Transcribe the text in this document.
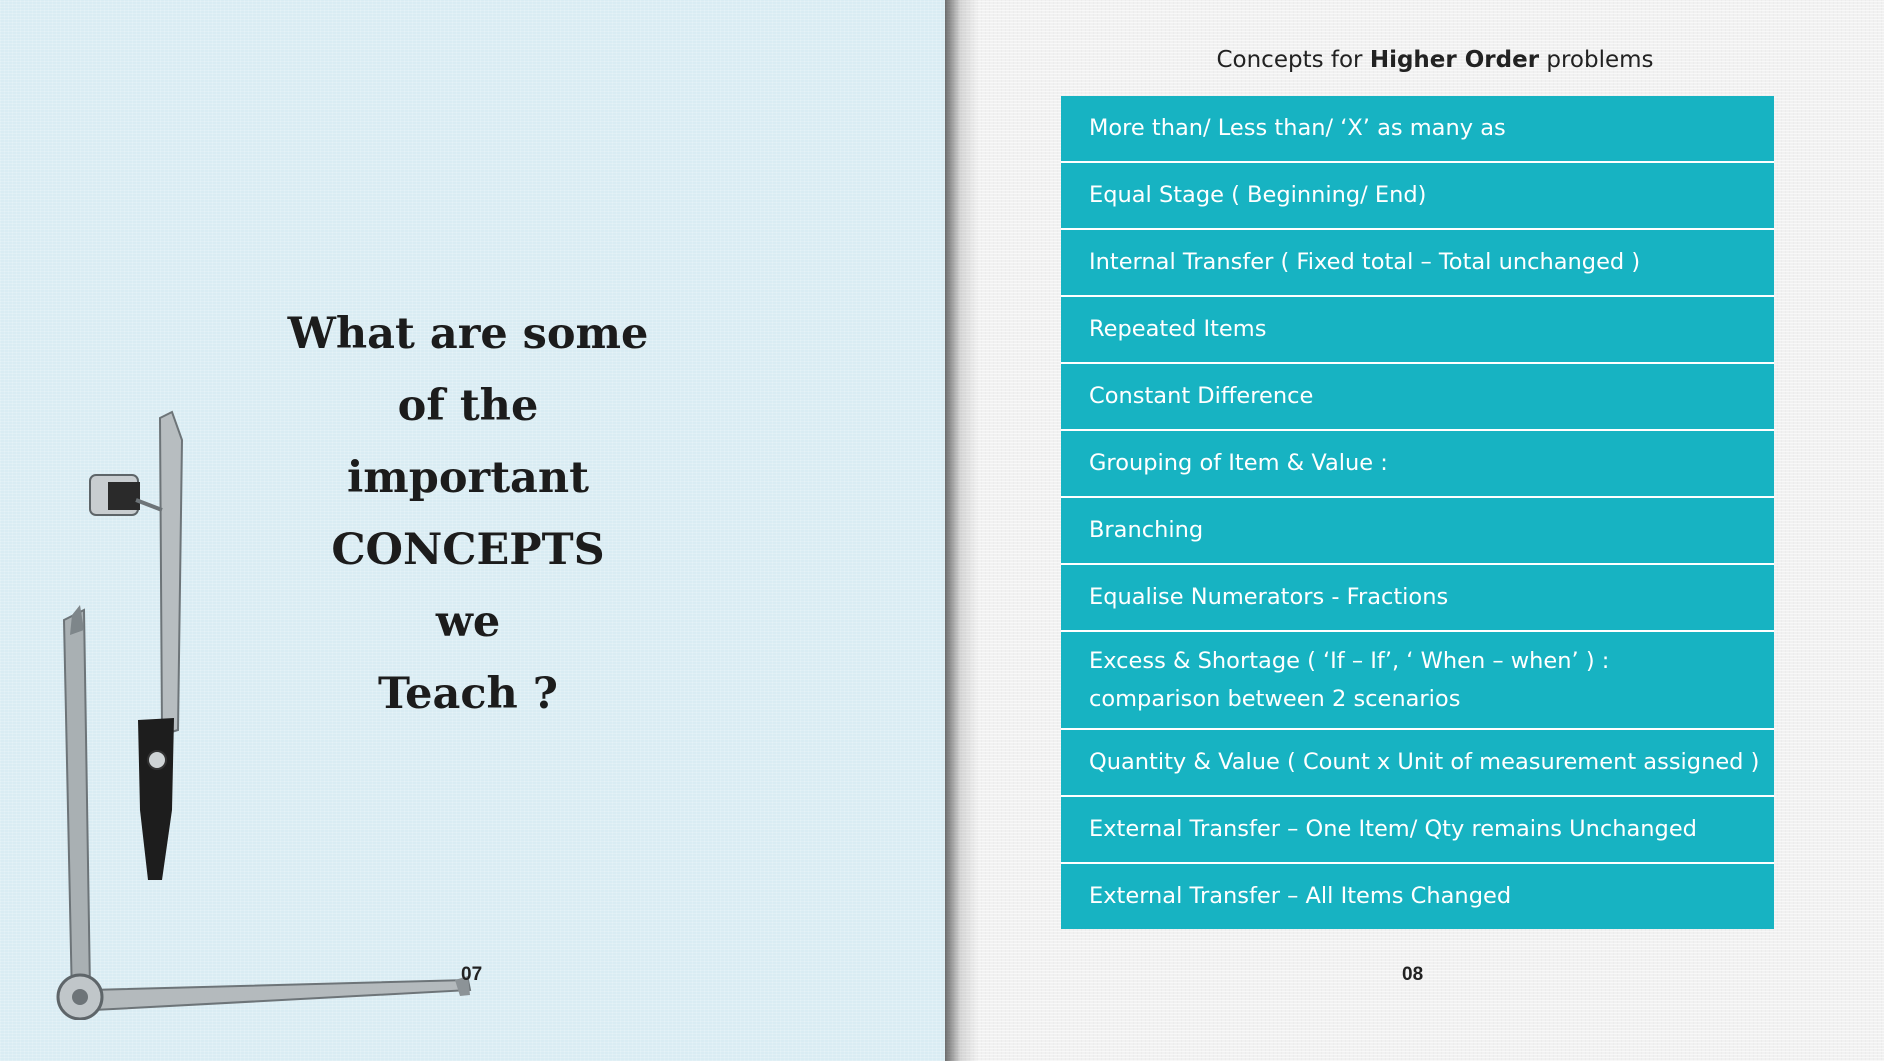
What are some
of the
important
CONCEPTS
we
Teach ?
07
Concepts for Higher Order problems
More than/ Less than/ ‘X’ as many as
Equal Stage ( Beginning/ End)
Internal Transfer ( Fixed total – Total unchanged )
Repeated Items
Constant Difference
Grouping of Item & Value :
Branching
Equalise Numerators - Fractions
Excess & Shortage ( ‘If – If’, ‘ When – when’ ) :
comparison between 2 scenarios
Quantity & Value ( Count x Unit of measurement assigned )
External Transfer – One Item/ Qty remains Unchanged
External Transfer – All Items Changed
08
